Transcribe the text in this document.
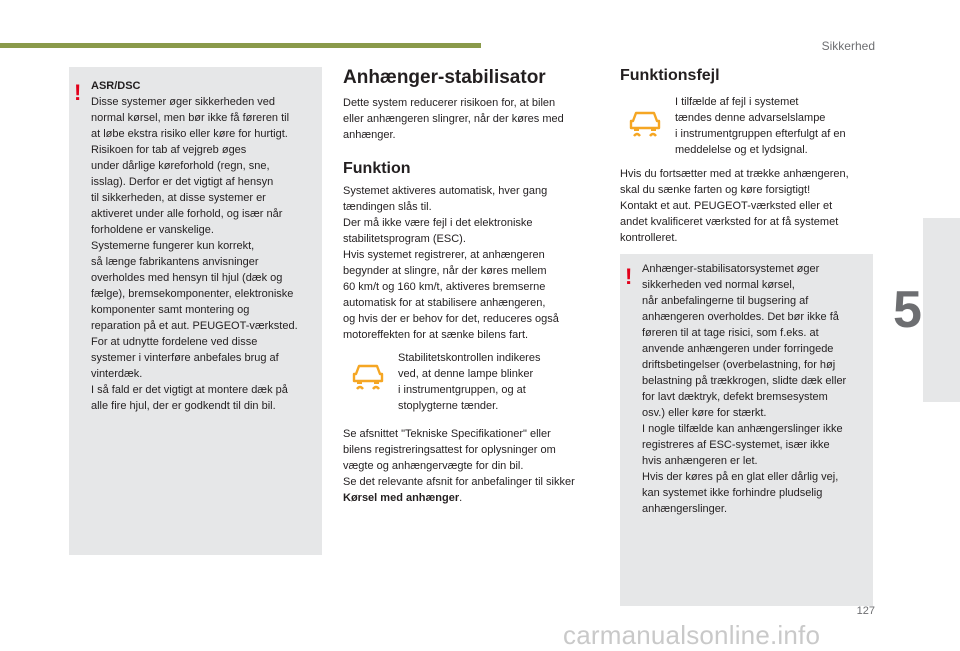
Sikkerhed
5
! ASR/DSC

Disse systemer øger sikkerheden ved
normal kørsel, men bør ikke få føreren til
at løbe ekstra risiko eller køre for hurtigt.
Risikoen for tab af vejgreb øges
under dårlige køreforhold (regn, sne,
isslag). Derfor er det vigtigt af hensyn
til sikkerheden, at disse systemer er
aktiveret under alle forhold, og især når
forholdene er vanskelige.
Systemerne fungerer kun korrekt,
så længe fabrikantens anvisninger
overholdes med hensyn til hjul (dæk og
fælge), bremsekomponenter, elektroniske
komponenter samt montering og
reparation på et aut. PEUGEOT-værksted.
For at udnytte fordelene ved disse
systemer i vinterføre anbefales brug af
vinterdæk.
I så fald er det vigtigt at montere dæk på
alle fire hjul, der er godkendt til din bil.

Anhænger-stabilisator

Dette system reducerer risikoen for, at bilen
eller anhængeren slingrer, når der køres med
anhænger.

Funktion

Systemet aktiveres automatisk, hver gang
tændingen slås til.
Der må ikke være fejl i det elektroniske
stabilitetsprogram (ESC).
Hvis systemet registrerer, at anhængeren
begynder at slingre, når der køres mellem
60 km/t og 160 km/t, aktiveres bremserne
automatisk for at stabilisere anhængeren,
og hvis der er behov for det, reduceres også
motoreffekten for at sænke bilens fart.

Stabilitetskontrollen indikeres
ved, at denne lampe blinker
i instrumentgruppen, og at
stoplygterne tænder.

Se afsnittet "Tekniske Specifikationer" eller
bilens registreringsattest for oplysninger om
vægte og anhængervægte for din bil.
Se det relevante afsnit for anbefalinger til sikker
Kørsel med anhænger.

Funktionsfejl

I tilfælde af fejl i systemet
tændes denne advarselslampe
i instrumentgruppen efterfulgt af en
meddelelse og et lydsignal.

Hvis du fortsætter med at trække anhængeren,
skal du sænke farten og køre forsigtigt!
Kontakt et aut. PEUGEOT-værksted eller et
andet kvalificeret værksted for at få systemet
kontrolleret.

! Anhænger-stabilisatorsystemet øger
sikkerheden ved normal kørsel,
når anbefalingerne til bugsering af
anhængeren overholdes. Det bør ikke få
føreren til at tage risici, som f.eks. at
anvende anhængeren under forringede
driftsbetingelser (overbelastning, for høj
belastning på trækkrogen, slidte dæk eller
for lavt dæktryk, defekt bremsesystem
osv.) eller køre for stærkt.
I nogle tilfælde kan anhængerslinger ikke
registreres af ESC-systemet, især ikke
hvis anhængeren er let.
Hvis der køres på en glat eller dårlig vej,
kan systemet ikke forhindre pludselig
anhængerslinger.

127
carmanualsonline.info
